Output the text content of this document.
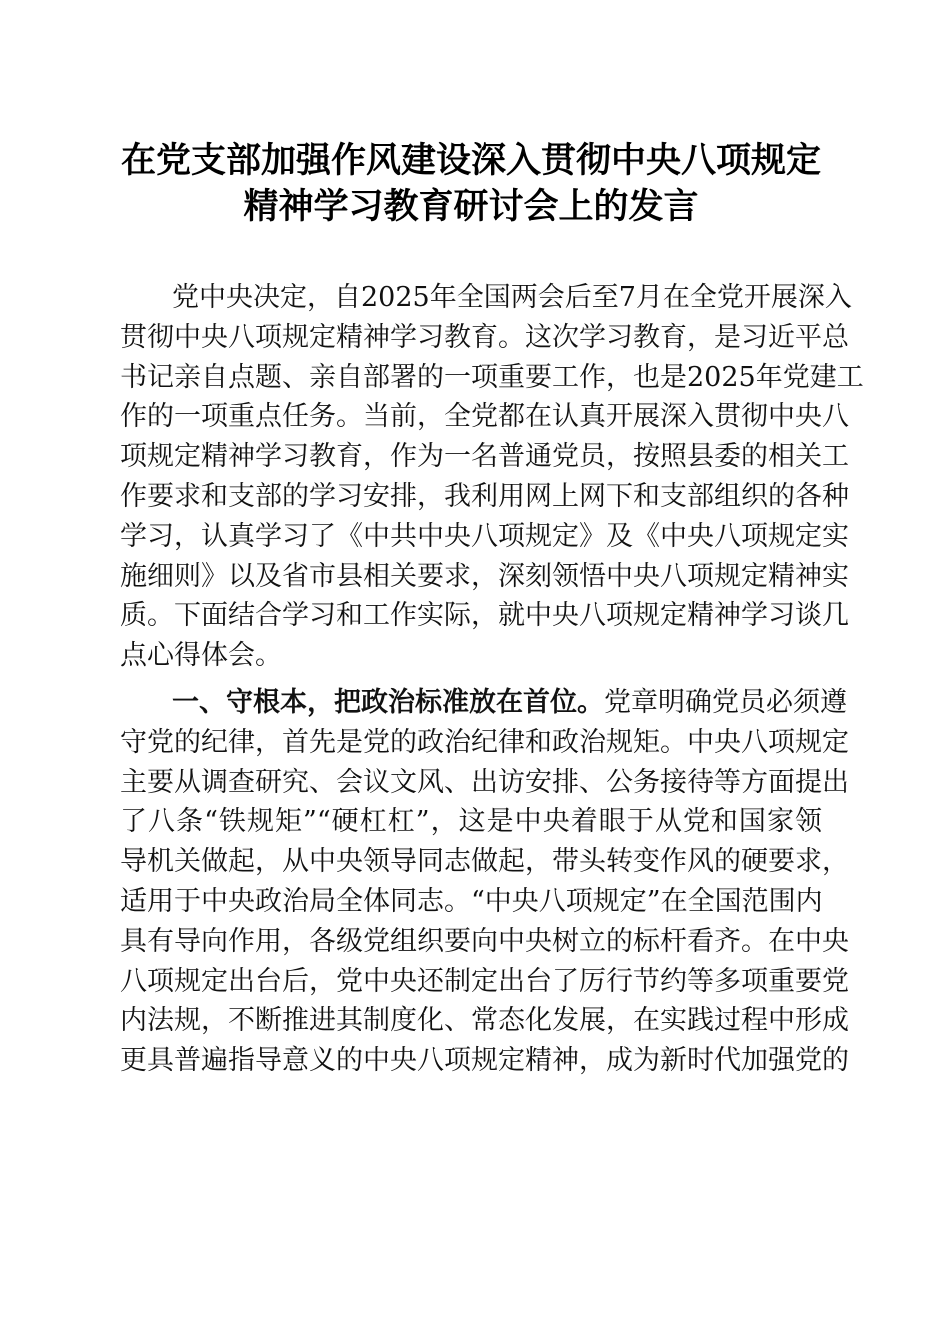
在党支部加强作风建设深入贯彻中央八项规定
精神学习教育研讨会上的发言
党中央决定，自2025年全国两会后至7月在全党开展深入
贯彻中央八项规定精神学习教育。这次学习教育，是习近平总
书记亲自点题、亲自部署的一项重要工作，也是2025年党建工
作的一项重点任务。当前，全党都在认真开展深入贯彻中央八
项规定精神学习教育，作为一名普通党员，按照县委的相关工
作要求和支部的学习安排，我利用网上网下和支部组织的各种
学习，认真学习了《中共中央八项规定》及《中央八项规定实
施细则》以及省市县相关要求，深刻领悟中央八项规定精神实
质。下面结合学习和工作实际，就中央八项规定精神学习谈几
点心得体会。
一、守根本，把政治标准放在首位。党章明确党员必须遵
守党的纪律，首先是党的政治纪律和政治规矩。中央八项规定
主要从调查研究、会议文风、出访安排、公务接待等方面提出
了八条“铁规矩”“硬杠杠”，这是中央着眼于从党和国家领
导机关做起，从中央领导同志做起，带头转变作风的硬要求，
适用于中央政治局全体同志。“中央八项规定”在全国范围内
具有导向作用，各级党组织要向中央树立的标杆看齐。在中央
八项规定出台后，党中央还制定出台了厉行节约等多项重要党
内法规，不断推进其制度化、常态化发展，在实践过程中形成
更具普遍指导意义的中央八项规定精神，成为新时代加强党的
